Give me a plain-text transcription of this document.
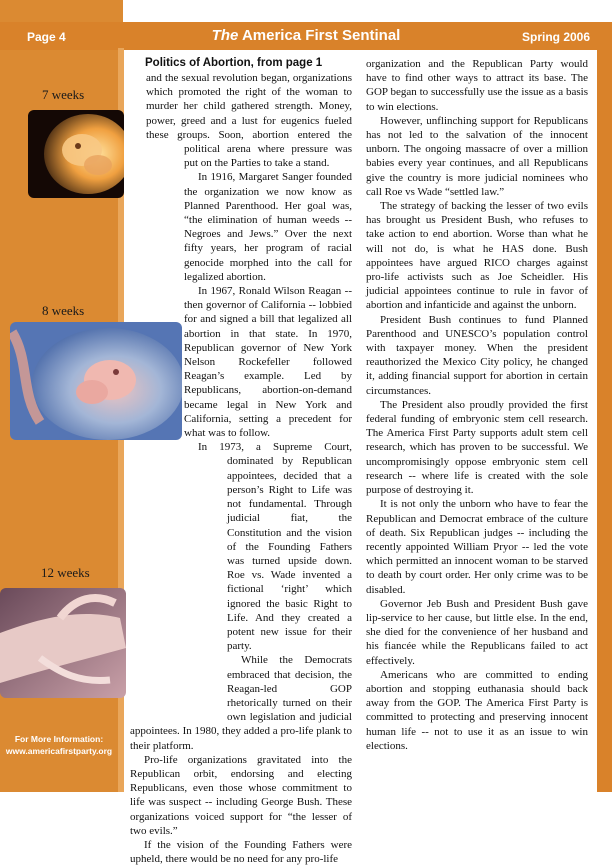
Page 4	The America First Sentinal	Spring 2006
7 weeks
8 weeks
12 weeks
For More Information:
www.americafirstparty.org
Politics of Abortion, from page 1

and the sexual revolution began, organizations which promoted the right of the woman to murder her child gathered strength. Money, power, greed and a lust for eugenics fueled these groups. Soon, abortion entered the political arena where pressure was put on the Parties to take a stand.

In 1916, Margaret Sanger founded the organization we now know as Planned Parenthood. Her goal was, “the elimination of human weeds -- Negroes and Jews.” Over the next fifty years, her program of racial genocide morphed into the call for legalized abortion.

In 1967, Ronald Wilson Reagan -- then governor of California -- lobbied for and signed a bill that legalized all abortion in that state. In 1970, Republican governor of New York Nelson Rockefeller followed Reagan’s example. Led by Republicans, abortion-on-demand became legal in New York and California, setting a precedent for what was to follow.

In 1973, a Supreme Court, dominated by Republican appointees, decided that a person’s Right to Life was not fundamental. Through judicial fiat, the Constitution and the vision of the Founding Fathers was turned upside down. Roe vs. Wade invented a fictional ‘right’ which ignored the basic Right to Life. And they created a potent new issue for their party.

While the Democrats embraced that decision, the Reagan-led GOP rhetorically turned on their own legislation and judicial appointees. In 1980, they added a pro-life plank to their platform.

Pro-life organizations gravitated into the Republican orbit, endorsing and electing Republicans, even those whose commitment to life was suspect -- including George Bush. These organizations voiced support for “the lesser of two evils.”

If the vision of the Founding Fathers were upheld, there would be no need for any pro-life

organization and the Republican Party would have to find other ways to attract its base. The GOP began to successfully use the issue as a basis to win elections.

However, unflinching support for Republicans has not led to the salvation of the innocent unborn. The ongoing massacre of over a million babies every year continues, and all Republicans give the country is more judicial nominees who call Roe vs Wade “settled law.”

The strategy of backing the lesser of two evils has brought us President Bush, who refuses to take action to end abortion. Worse than what he will not do, is what he HAS done. Bush appointees have argued RICO charges against pro-life activists such as Joe Scheidler. His judicial appointees continue to rule in favor of abortion and infanticide and against the unborn.

President Bush continues to fund Planned Parenthood and UNESCO’s population control with taxpayer money. When the president reauthorized the Mexico City policy, he changed it, adding financial support for abortion in certain circumstances.

The President also proudly provided the first federal funding of embryonic stem cell research. The America First Party supports adult stem cell research, which has proven to be successful. We uncompromisingly oppose embryonic stem cell research -- where life is created with the sole purpose of destroying it.

It is not only the unborn who have to fear the Republican and Democrat embrace of the culture of death. Six Republican judges -- including the recently appointed William Pryor -- led the vote which permitted an innocent woman to be starved to death by court order. Her only crime was to be disabled.

Governor Jeb Bush and President Bush gave lip-service to her cause, but little else. In the end, she died for the convenience of her husband and his fiancée while the Republicans failed to act effectively.

Americans who are committed to ending abortion and stopping euthanasia should back away from the GOP. The America First Party is committed to protecting and preserving innocent human life -- not to use it as an issue to win elections.
